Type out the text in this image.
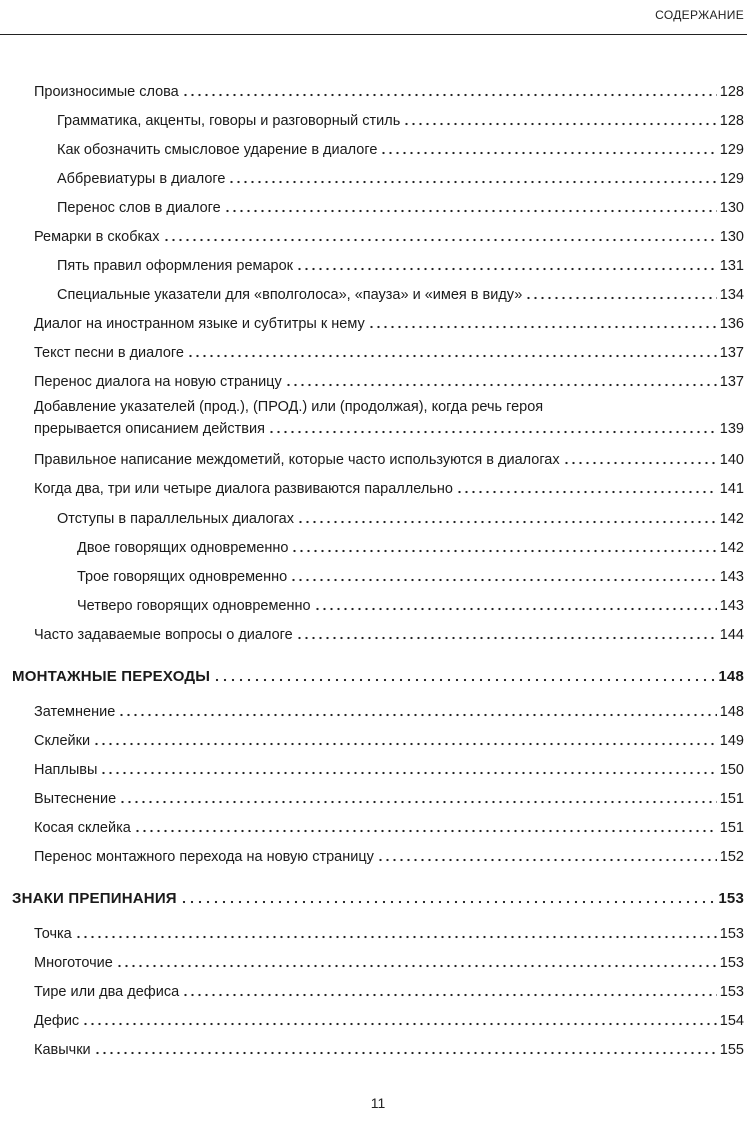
СОДЕРЖАНИЕ
Произносимые слова	128
Грамматика, акценты, говоры и разговорный стиль	128
Как обозначить смысловое ударение в диалоге	129
Аббревиатуры в диалоге	129
Перенос слов в диалоге	130
Ремарки в скобках	130
Пять правил оформления ремарок	131
Специальные указатели для «вполголоса», «пауза» и «имея в виду»	134
Диалог на иностранном языке и субтитры к нему	136
Текст песни в диалоге	137
Перенос диалога на новую страницу	137
Добавление указателей (прод.), (ПРОД.) или (продолжая), когда речь героя
прерывается описанием действия	139
Правильное написание междометий, которые часто используются в диалогах	140
Когда два, три или четыре диалога развиваются параллельно	141
Отступы в параллельных диалогах	142
Двое говорящих одновременно	142
Трое говорящих одновременно	143
Четверо говорящих одновременно	143
Часто задаваемые вопросы о диалоге	144
МОНТАЖНЫЕ ПЕРЕХОДЫ	148
Затемнение	148
Склейки	149
Наплывы	150
Вытеснение	151
Косая склейка	151
Перенос монтажного перехода на новую страницу	152
ЗНАКИ ПРЕПИНАНИЯ	153
Точка	153
Многоточие	153
Тире или два дефиса	153
Дефис	154
Кавычки	155
11
